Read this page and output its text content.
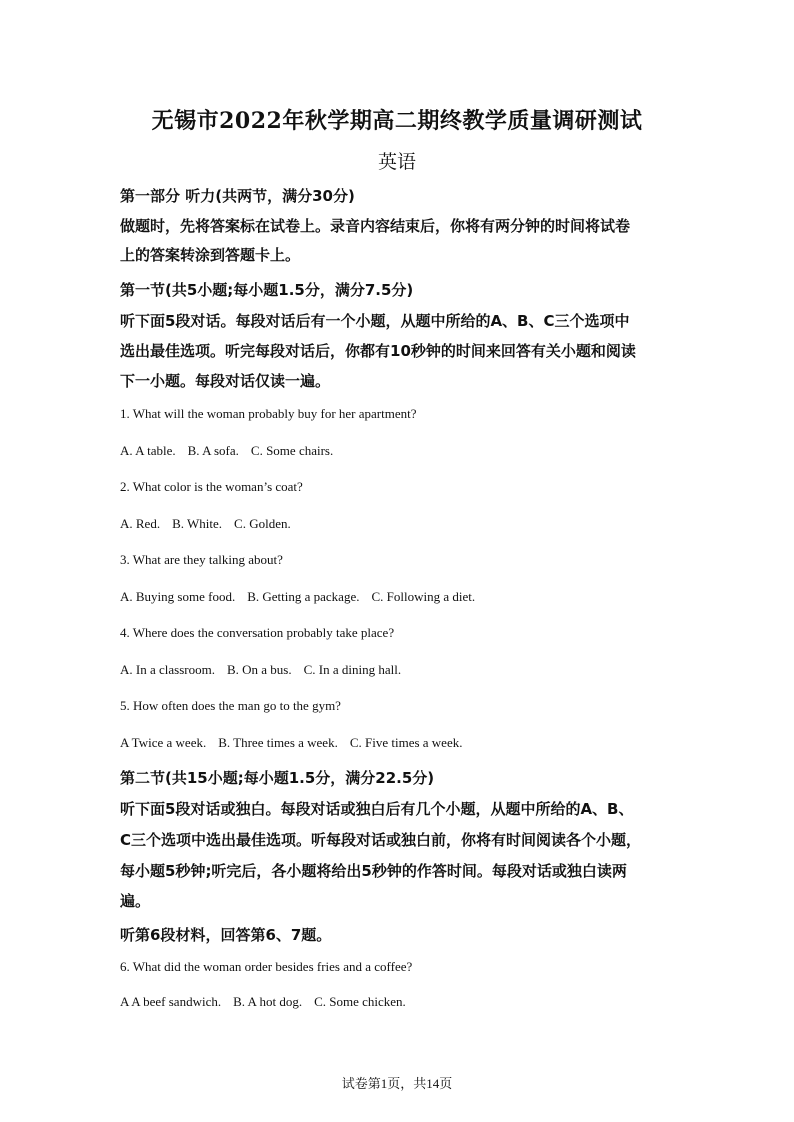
无锡市2022年秋学期高二期终教学质量调研测试
英语
第一部分 听力(共两节，满分30分)
做题时，先将答案标在试卷上。录音内容结束后，你将有两分钟的时间将试卷
上的答案转涂到答题卡上。
第一节(共5小题;每小题1.5分，满分7.5分)
听下面5段对话。每段对话后有一个小题，从题中所给的A、B、C三个选项中
选出最佳选项。听完每段对话后，你都有10秒钟的时间来回答有关小题和阅读
下一小题。每段对话仅读一遍。
1. What will the woman probably buy for her apartment?
A. A table. B. A sofa. C. Some chairs.
2. What color is the woman’s coat?
A. Red. B. White. C. Golden.
3. What are they talking about?
A. Buying some food. B. Getting a package. C. Following a diet.
4. Where does the conversation probably take place?
A. In a classroom. B. On a bus. C. In a dining hall.
5. How often does the man go to the gym?
A Twice a week. B. Three times a week. C. Five times a week.
第二节(共15小题;每小题1.5分，满分22.5分)
听下面5段对话或独白。每段对话或独白后有几个小题，从题中所给的A、B、
C三个选项中选出最佳选项。听每段对话或独白前，你将有时间阅读各个小题，
每小题5秒钟;听完后，各小题将给出5秒钟的作答时间。每段对话或独白读两
遍。
听第6段材料，回答第6、7题。
6. What did the woman order besides fries and a coffee?
A A beef sandwich. B. A hot dog. C. Some chicken.
试卷第1页，共14页
